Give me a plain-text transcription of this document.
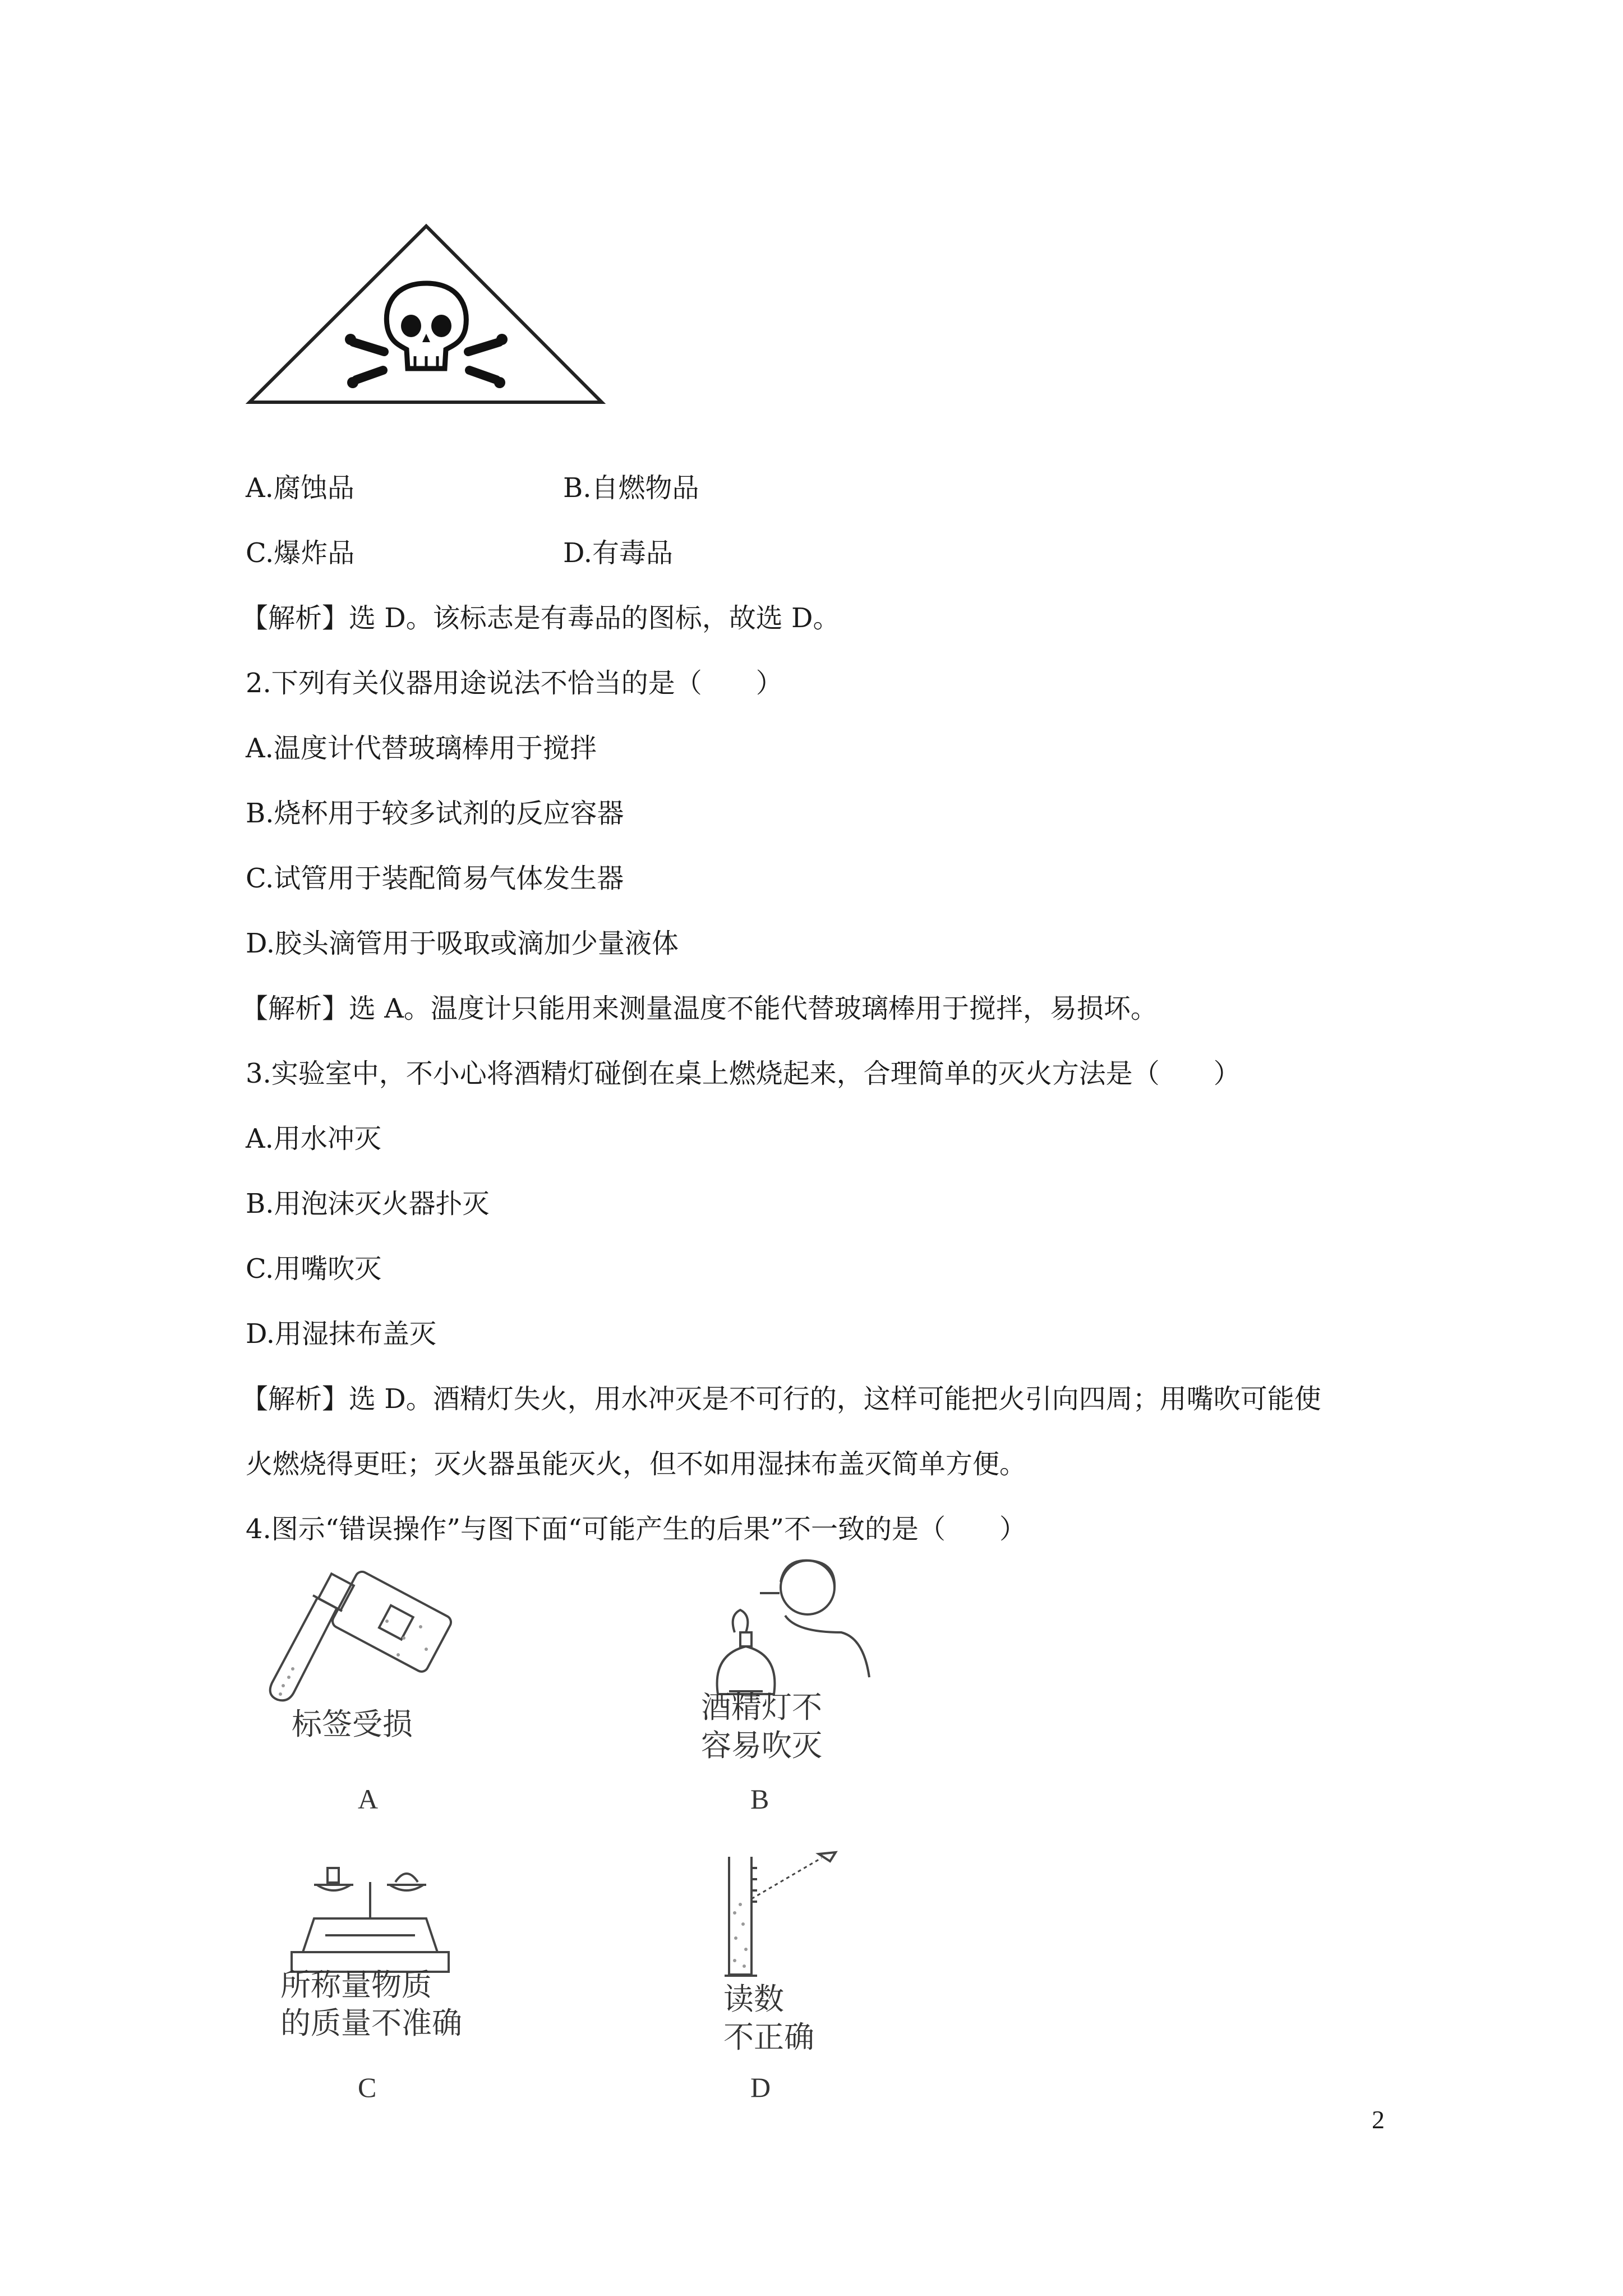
A.腐蚀品	B.自燃物品
C.爆炸品	D.有毒品
【解析】选 D。该标志是有毒品的图标，故选 D。
2.下列有关仪器用途说法不恰当的是（　　）
A.温度计代替玻璃棒用于搅拌
B.烧杯用于较多试剂的反应容器
C.试管用于装配简易气体发生器
D.胶头滴管用于吸取或滴加少量液体
【解析】选 A。温度计只能用来测量温度不能代替玻璃棒用于搅拌，易损坏。
3.实验室中，不小心将酒精灯碰倒在桌上燃烧起来，合理简单的灭火方法是（　　）
A.用水冲灭
B.用泡沫灭火器扑灭
C.用嘴吹灭
D.用湿抹布盖灭
【解析】选 D。酒精灯失火，用水冲灭是不可行的，这样可能把火引向四周；用嘴吹可能使
火燃烧得更旺；灭火器虽能灭火，但不如用湿抹布盖灭简单方便。
4.图示“错误操作”与图下面“可能产生的后果”不一致的是（　　）
标签受损
A
酒精灯不
容易吹灭
B
所称量物质
的质量不准确
C
读数
不正确
D
2
